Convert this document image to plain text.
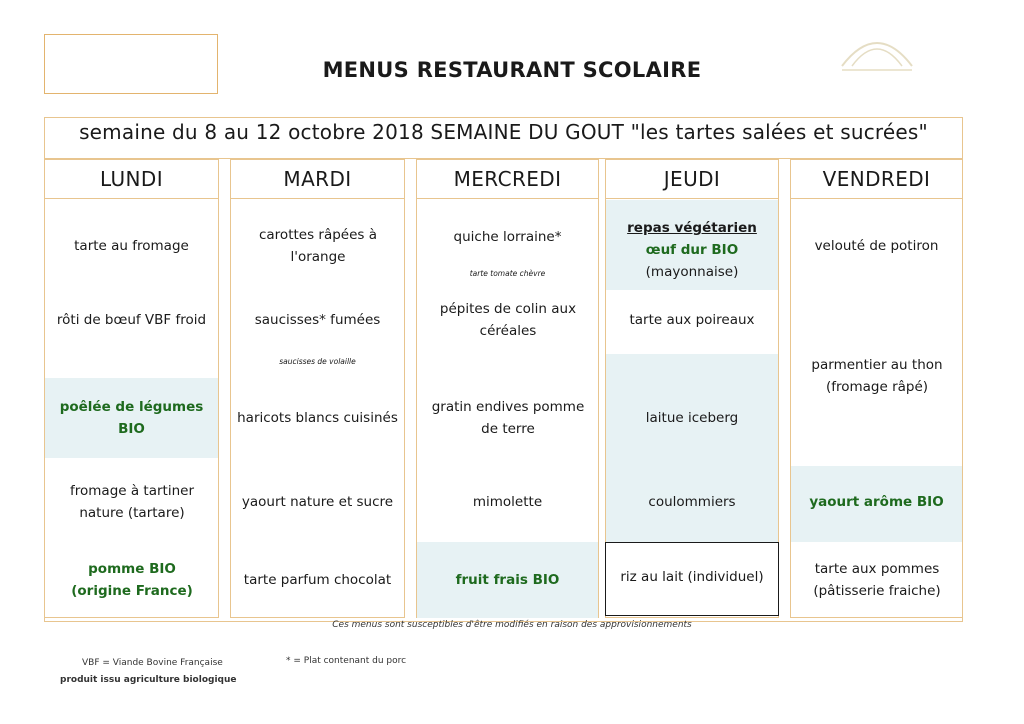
MENUS RESTAURANT SCOLAIRE
semaine du 8 au 12 octobre 2018 SEMAINE DU GOUT "les tartes salées et sucrées"
LUNDI
tarte au fromage
rôti de bœuf VBF froid
poêlée de légumes BIO
fromage à tartiner nature (tartare)
pomme BIO (origine France)
MARDI
carottes râpées à l'orange
saucisses* fumées
saucisses de volaille
haricots blancs cuisinés
yaourt nature et sucre
tarte parfum chocolat
MERCREDI
quiche lorraine*
tarte tomate chèvre
pépites de colin aux céréales
gratin endives pomme de terre
mimolette
fruit frais BIO
JEUDI
repas végétarien
œuf dur BIO
(mayonnaise)
tarte aux poireaux
laitue iceberg
coulommiers
riz au lait (individuel)
VENDREDI
velouté de potiron
parmentier au thon (fromage râpé)
yaourt arôme BIO
tarte aux pommes (pâtisserie fraiche)
Ces menus sont susceptibles d'être modifiés en raison des approvisionnements
VBF = Viande Bovine Française	* = Plat contenant du porc
produit issu agriculture biologique
